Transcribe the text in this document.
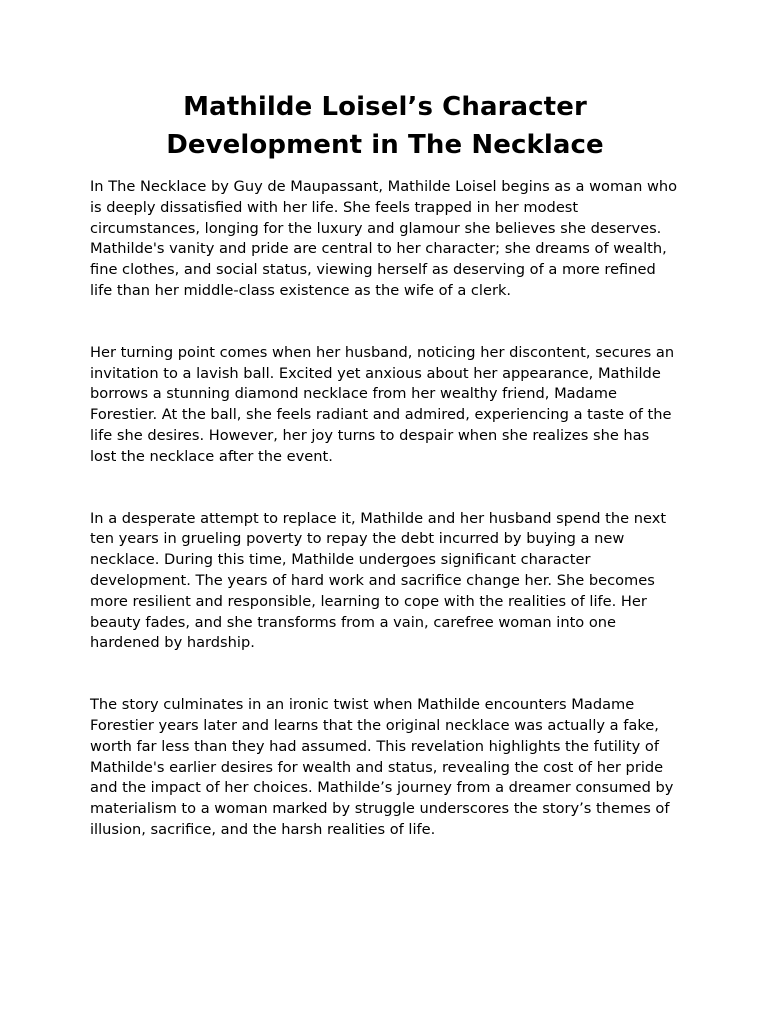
Mathilde Loisel’s Character Development in The Necklace

In The Necklace by Guy de Maupassant, Mathilde Loisel begins as a woman who is deeply dissatisfied with her life. She feels trapped in her modest circumstances, longing for the luxury and glamour she believes she deserves. Mathilde's vanity and pride are central to her character; she dreams of wealth, fine clothes, and social status, viewing herself as deserving of a more refined life than her middle-class existence as the wife of a clerk.

Her turning point comes when her husband, noticing her discontent, secures an invitation to a lavish ball. Excited yet anxious about her appearance, Mathilde borrows a stunning diamond necklace from her wealthy friend, Madame Forestier. At the ball, she feels radiant and admired, experiencing a taste of the life she desires. However, her joy turns to despair when she realizes she has lost the necklace after the event.

In a desperate attempt to replace it, Mathilde and her husband spend the next ten years in grueling poverty to repay the debt incurred by buying a new necklace. During this time, Mathilde undergoes significant character development. The years of hard work and sacrifice change her. She becomes more resilient and responsible, learning to cope with the realities of life. Her beauty fades, and she transforms from a vain, carefree woman into one hardened by hardship.

The story culminates in an ironic twist when Mathilde encounters Madame Forestier years later and learns that the original necklace was actually a fake, worth far less than they had assumed. This revelation highlights the futility of Mathilde's earlier desires for wealth and status, revealing the cost of her pride and the impact of her choices. Mathilde’s journey from a dreamer consumed by materialism to a woman marked by struggle underscores the story’s themes of illusion, sacrifice, and the harsh realities of life.
